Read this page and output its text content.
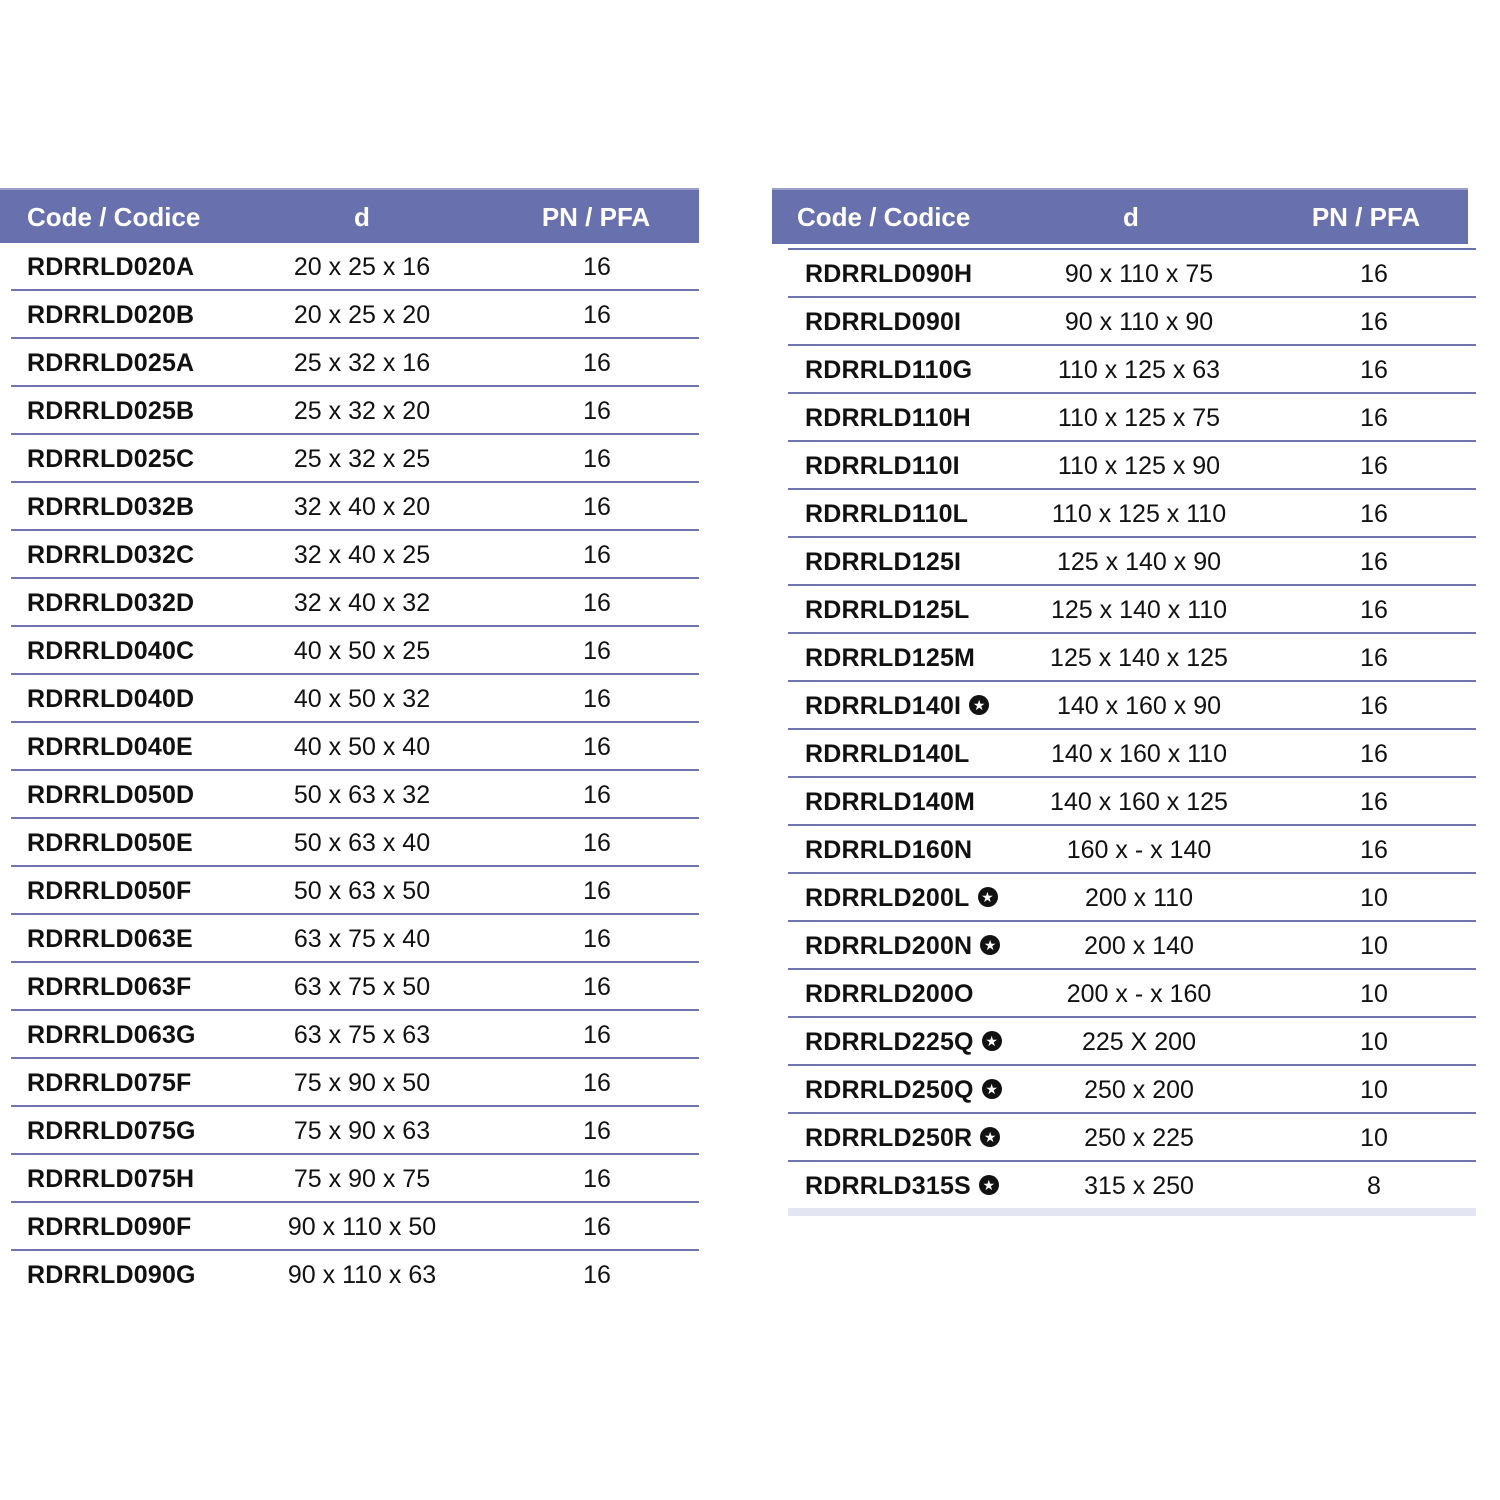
Code / Codice	d	PN / PFA
RDRRLD020A	20 x 25 x 16	16
RDRRLD020B	20 x 25 x 20	16
RDRRLD025A	25 x 32 x 16	16
RDRRLD025B	25 x 32 x 20	16
RDRRLD025C	25 x 32 x 25	16
RDRRLD032B	32 x 40 x 20	16
RDRRLD032C	32 x 40 x 25	16
RDRRLD032D	32 x 40 x 32	16
RDRRLD040C	40 x 50 x 25	16
RDRRLD040D	40 x 50 x 32	16
RDRRLD040E	40 x 50 x 40	16
RDRRLD050D	50 x 63 x 32	16
RDRRLD050E	50 x 63 x 40	16
RDRRLD050F	50 x 63 x 50	16
RDRRLD063E	63 x 75 x 40	16
RDRRLD063F	63 x 75 x 50	16
RDRRLD063G	63 x 75 x 63	16
RDRRLD075F	75 x 90 x 50	16
RDRRLD075G	75 x 90 x 63	16
RDRRLD075H	75 x 90 x 75	16
RDRRLD090F	90 x 110 x 50	16
RDRRLD090G	90 x 110 x 63	16
Code / Codice	d	PN / PFA
RDRRLD090H	90 x 110 x 75	16
RDRRLD090I	90 x 110 x 90	16
RDRRLD110G	110 x 125 x 63	16
RDRRLD110H	110 x 125 x 75	16
RDRRLD110I	110 x 125 x 90	16
RDRRLD110L	110 x 125 x 110	16
RDRRLD125I	125 x 140 x 90	16
RDRRLD125L	125 x 140 x 110	16
RDRRLD125M	125 x 140 x 125	16
RDRRLD140I ★	140 x 160 x 90	16
RDRRLD140L	140 x 160 x 110	16
RDRRLD140M	140 x 160 x 125	16
RDRRLD160N	160 x - x 140	16
RDRRLD200L ★	200 x 110	10
RDRRLD200N ★	200 x 140	10
RDRRLD200O	200 x - x 160	10
RDRRLD225Q ★	225 X 200	10
RDRRLD250Q ★	250 x 200	10
RDRRLD250R ★	250 x 225	10
RDRRLD315S ★	315 x 250	8
